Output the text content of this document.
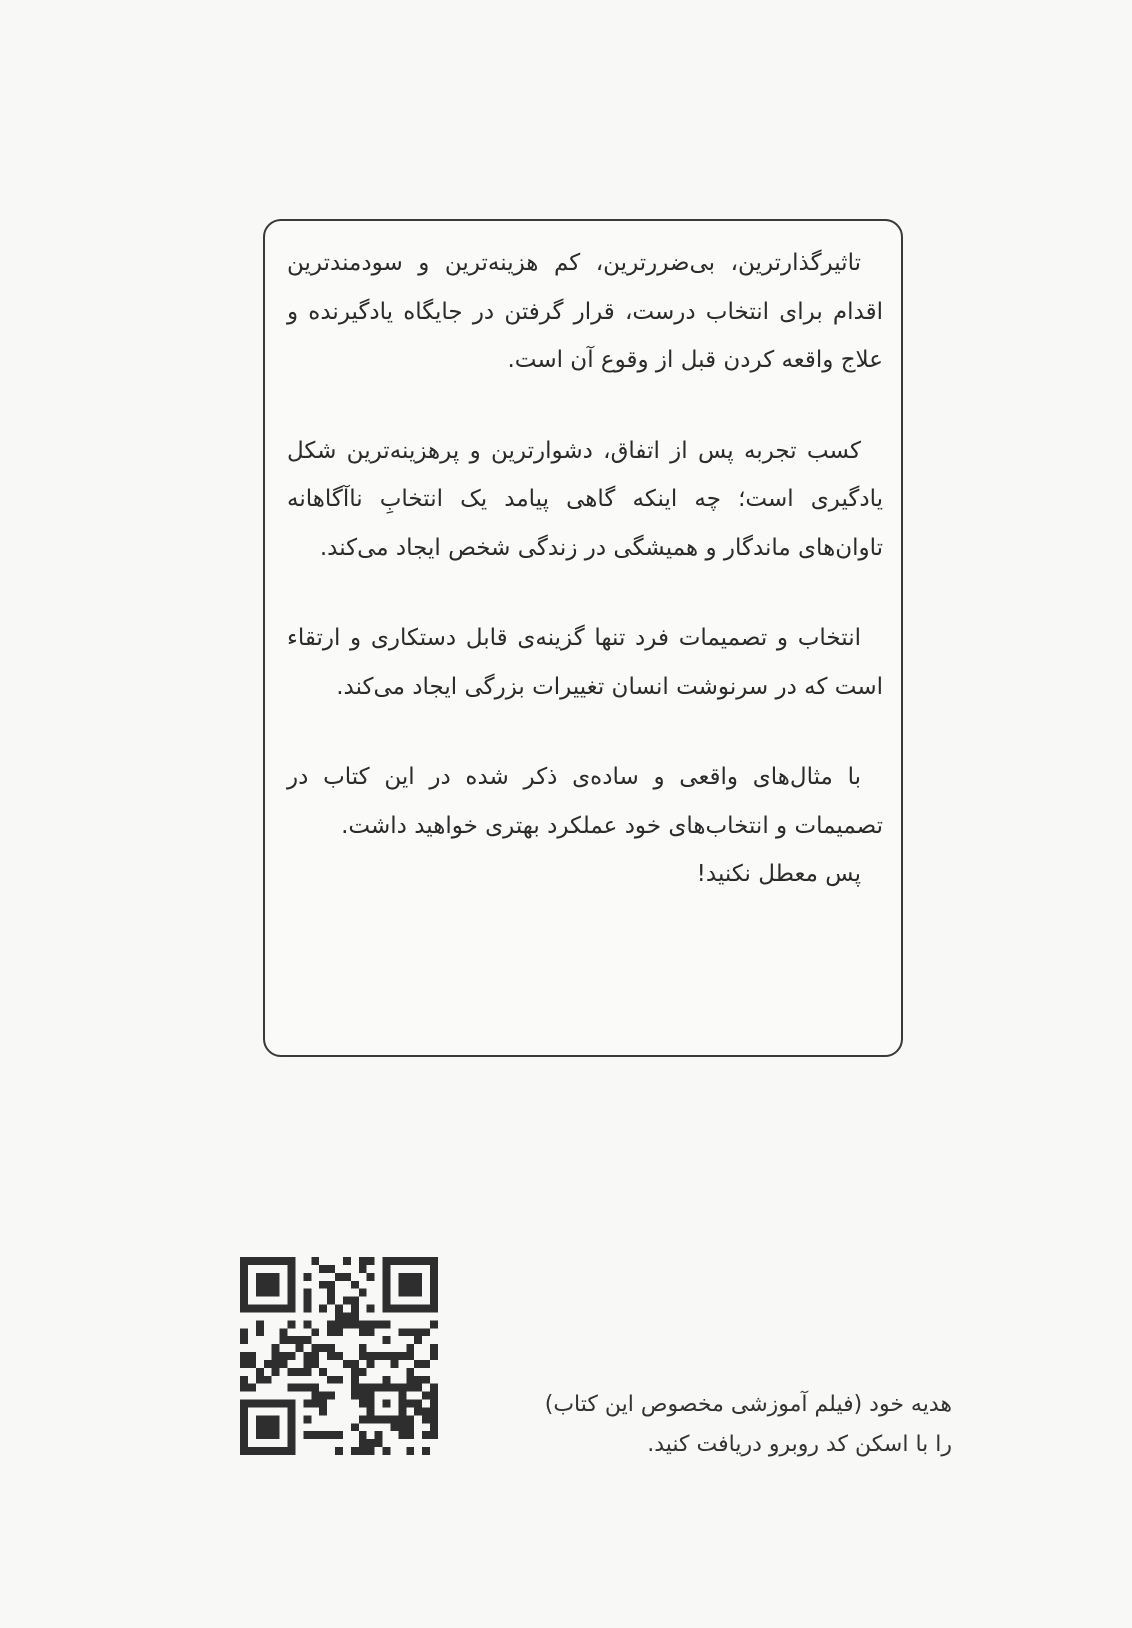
تاثیرگذارترین، بی‌ضررترین، کم هزینه‌ترین و سودمندترین اقدام برای انتخاب درست، قرار گرفتن در جایگاه یادگیرنده و علاج واقعه کردن قبل از وقوع آن است.

کسب تجربه پس از اتفاق، دشوارترین و پرهزینه‌ترین شکل یادگیری است؛ چه اینکه گاهی پیامد یک انتخابِ ناآگاهانه تاوان‌های ماندگار و همیشگی در زندگی شخص ایجاد می‌کند.

انتخاب و تصمیمات فرد تنها گزینه‌ی قابل دستکاری و ارتقاء است که در سرنوشت انسان تغییرات بزرگی ایجاد می‌کند.

با مثال‌های واقعی و ساده‌ی ذکر شده در این کتاب در تصمیمات و انتخاب‌های خود عملکرد بهتری خواهید داشت.

پس معطل نکنید!

هدیه خود (فیلم آموزشی مخصوص این کتاب)
را با اسکن کد روبرو دریافت کنید.
